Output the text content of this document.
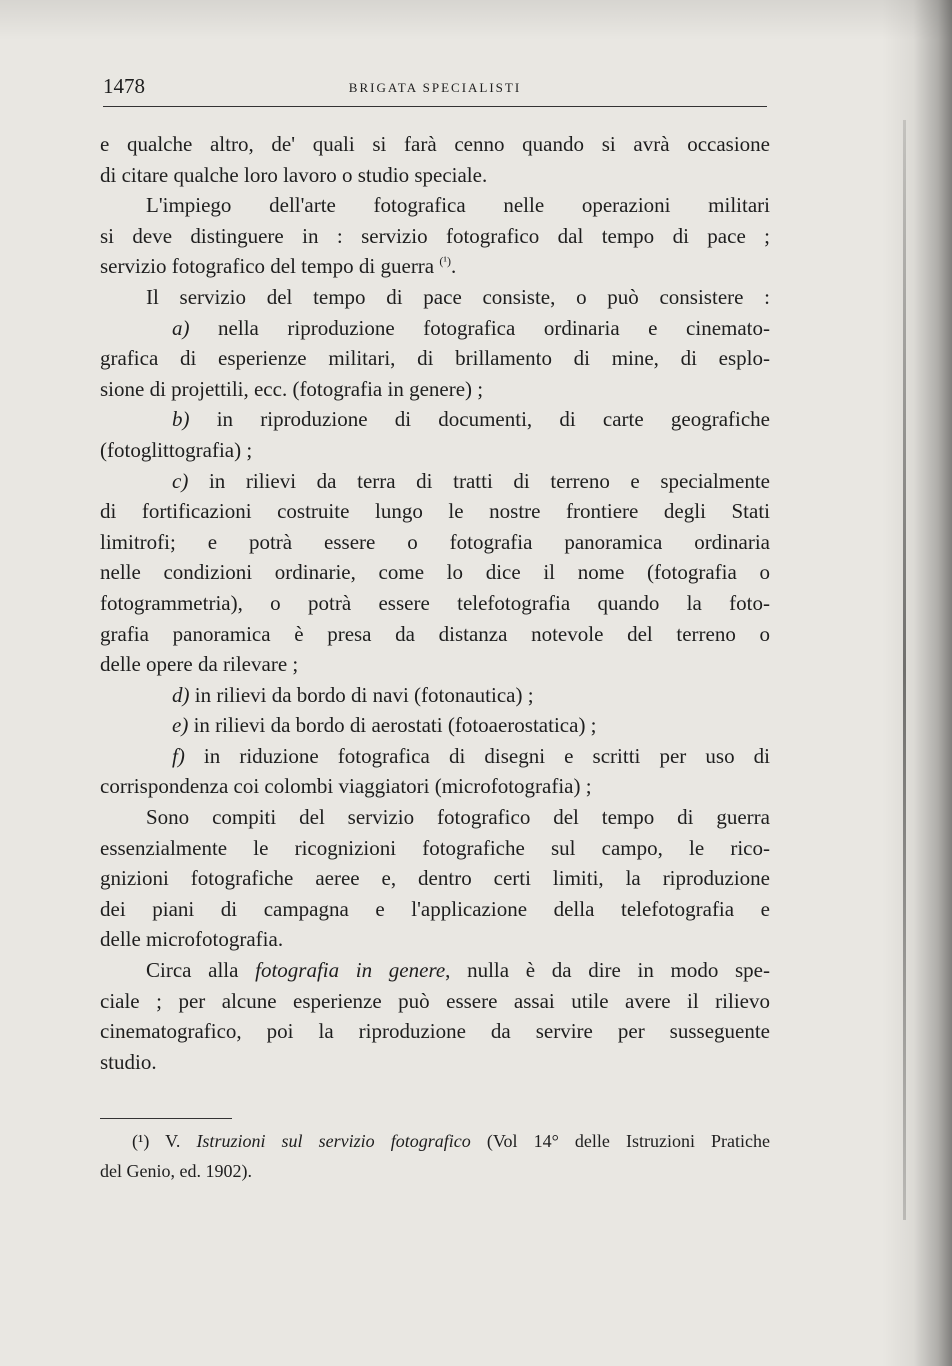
1478	BRIGATA SPECIALISTI
e qualche altro, de' quali si farà cenno quando si avrà occasione
di citare qualche loro lavoro o studio speciale.
L'impiego dell'arte fotografica nelle operazioni militari
si deve distinguere in : servizio fotografico dal tempo di pace ;
servizio fotografico del tempo di guerra $^{(^1)}$.
Il servizio del tempo di pace consiste, o può consistere :
a) nella riproduzione fotografica ordinaria e cinemato-
grafica di esperienze militari, di brillamento di mine, di esplo-
sione di projettili, ecc. (fotografia in genere) ;
b) in riproduzione di documenti, di carte geografiche
(fotoglittografia) ;
c) in rilievi da terra di tratti di terreno e specialmente
di fortificazioni costruite lungo le nostre frontiere degli Stati
limitrofi; e potrà essere o fotografia panoramica ordinaria
nelle condizioni ordinarie, come lo dice il nome (fotografia o
fotogrammetria), o potrà essere telefotografia quando la foto-
grafia panoramica è presa da distanza notevole del terreno o
delle opere da rilevare ;
d) in rilievi da bordo di navi (fotonautica) ;
e) in rilievi da bordo di aerostati (fotoaerostatica) ;
f) in riduzione fotografica di disegni e scritti per uso di
corrispondenza coi colombi viaggiatori (microfotografia) ;
Sono compiti del servizio fotografico del tempo di guerra
essenzialmente le ricognizioni fotografiche sul campo, le rico-
gnizioni fotografiche aeree e, dentro certi limiti, la riproduzione
dei piani di campagna e l'applicazione della telefotografia e
delle microfotografia.
Circa alla fotografia in genere, nulla è da dire in modo spe-
ciale ; per alcune esperienze può essere assai utile avere il rilievo
cinematografico, poi la riproduzione da servire per susseguente
studio.
(¹) V. Istruzioni sul servizio fotografico (Vol 14° delle Istruzioni Pratiche
del Genio, ed. 1902).
